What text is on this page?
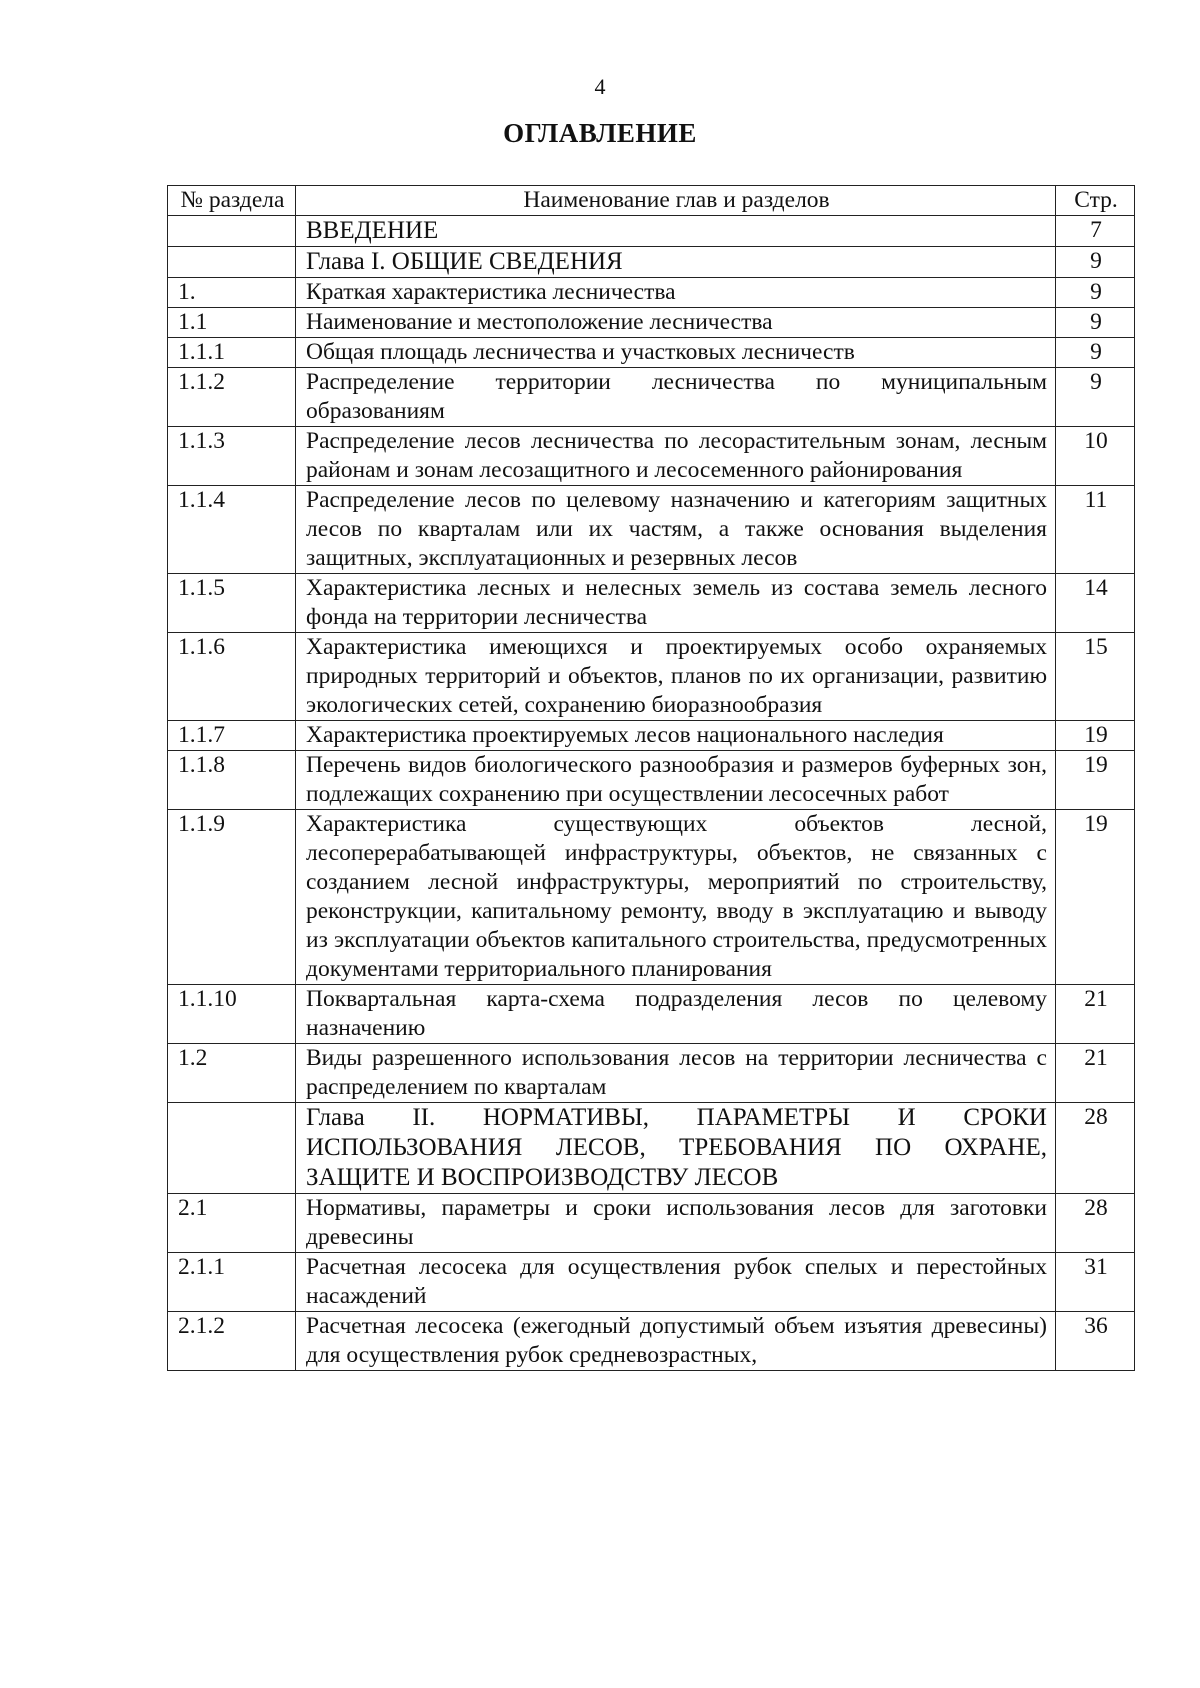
4
ОГЛАВЛЕНИЕ
№ раздела	Наименование глав и разделов	Стр.
	ВВЕДЕНИЕ	7
	Глава I. ОБЩИЕ СВЕДЕНИЯ	9
1.	Краткая характеристика лесничества	9
1.1	Наименование и местоположение лесничества	9
1.1.1	Общая площадь лесничества и участковых лесничеств	9
1.1.2	Распределение территории лесничества по муниципальным образованиям	9
1.1.3	Распределение лесов лесничества по лесорастительным зонам, лесным районам и зонам лесозащитного и лесосеменного районирования	10
1.1.4	Распределение лесов по целевому назначению и категориям защитных лесов по кварталам или их частям, а также основания выделения защитных, эксплуатационных и резервных лесов	11
1.1.5	Характеристика лесных и нелесных земель из состава земель лесного фонда на территории лесничества	14
1.1.6	Характеристика имеющихся и проектируемых особо охраняемых природных территорий и объектов, планов по их организации, развитию экологических сетей, сохранению биоразнообразия	15
1.1.7	Характеристика проектируемых лесов национального наследия	19
1.1.8	Перечень видов биологического разнообразия и размеров буферных зон, подлежащих сохранению при осуществлении лесосечных работ	19
1.1.9	Характеристика существующих объектов лесной, лесоперерабатывающей инфраструктуры, объектов, не связанных с созданием лесной инфраструктуры, мероприятий по строительству, реконструкции, капитальному ремонту, вводу в эксплуатацию и выводу из эксплуатации объектов капитального строительства, предусмотренных документами территориального планирования	19
1.1.10	Поквартальная карта-схема подразделения лесов по целевому назначению	21
1.2	Виды разрешенного использования лесов на территории лесничества с распределением по кварталам	21
	Глава II. НОРМАТИВЫ, ПАРАМЕТРЫ И СРОКИ ИСПОЛЬЗОВАНИЯ ЛЕСОВ, ТРЕБОВАНИЯ ПО ОХРАНЕ, ЗАЩИТЕ И ВОСПРОИЗВОДСТВУ ЛЕСОВ	28
2.1	Нормативы, параметры и сроки использования лесов для заготовки древесины	28
2.1.1	Расчетная лесосека для осуществления рубок спелых и перестойных насаждений	31
2.1.2	Расчетная лесосека (ежегодный допустимый объем изъятия древесины) для осуществления рубок средневозрастных,	36
